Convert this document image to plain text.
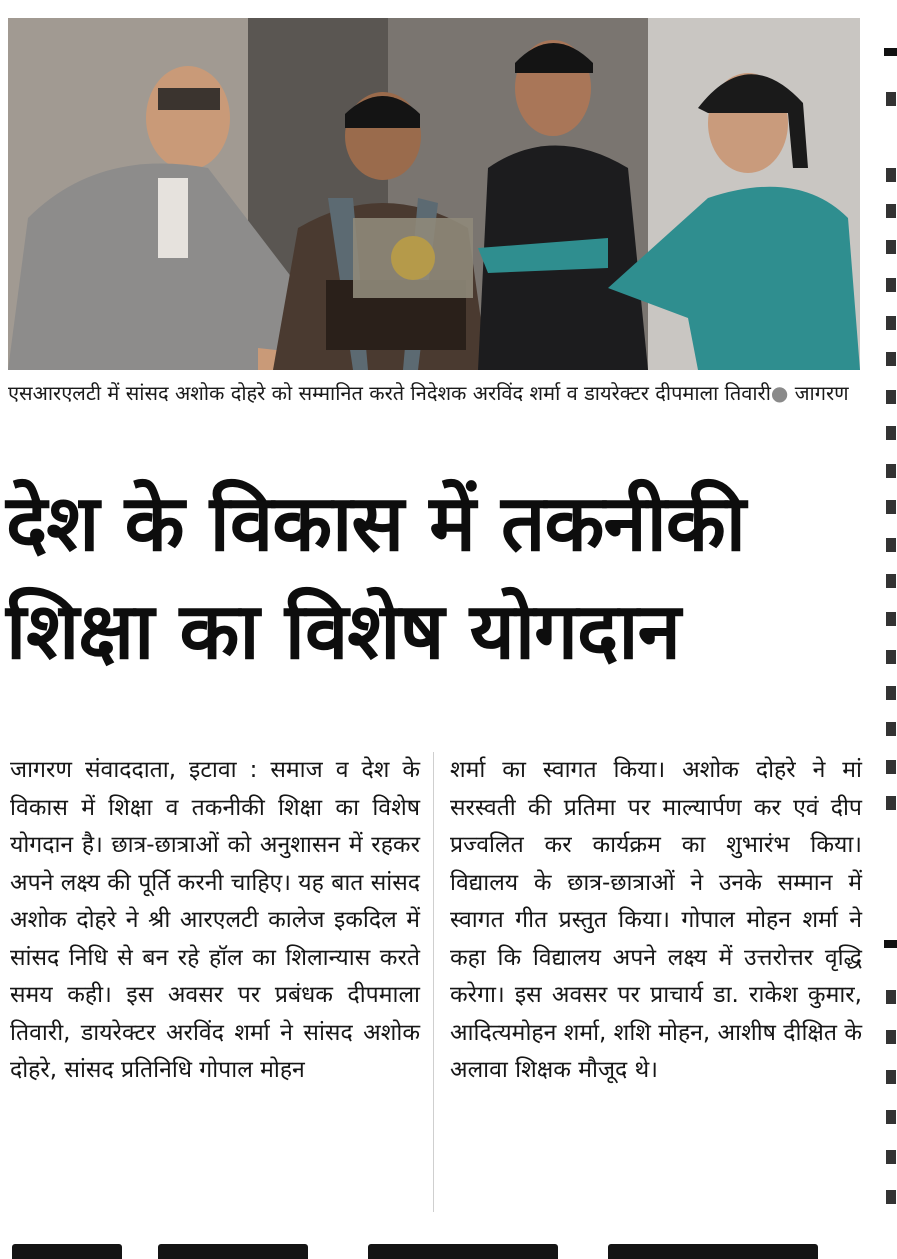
एसआरएलटी में सांसद अशोक दोहरे को सम्मानित करते निदेशक अरविंद शर्मा व डायरेक्टर दीपमाला तिवारी● जागरण
देश के विकास में तकनीकी
शिक्षा का विशेष योगदान
जागरण संवाददाता, इटावा : समाज व देश के विकास में शिक्षा व तकनीकी शिक्षा का विशेष योगदान है। छात्र-छात्राओं को अनुशासन में रहकर अपने लक्ष्य की पूर्ति करनी चाहिए। यह बात सांसद अशोक दोहरे ने श्री आरएलटी कालेज इकदिल में सांसद निधि से बन रहे हॉल का शिलान्यास करते समय कही। इस अवसर पर प्रबंधक दीपमाला तिवारी, डायरेक्टर अरविंद शर्मा ने सांसद अशोक दोहरे, सांसद प्रतिनिधि गोपाल मोहन
शर्मा का स्वागत किया। अशोक दोहरे ने मां सरस्वती की प्रतिमा पर माल्यार्पण कर एवं दीप प्रज्वलित कर कार्यक्रम का शुभारंभ किया। विद्यालय के छात्र-छात्राओं ने उनके सम्मान में स्वागत गीत प्रस्तुत किया। गोपाल मोहन शर्मा ने कहा कि विद्यालय अपने लक्ष्य में उत्तरोत्तर वृद्धि करेगा। इस अवसर पर प्राचार्य डा. राकेश कुमार, आदित्यमोहन शर्मा, शशि मोहन, आशीष दीक्षित के अलावा शिक्षक मौजूद थे।
